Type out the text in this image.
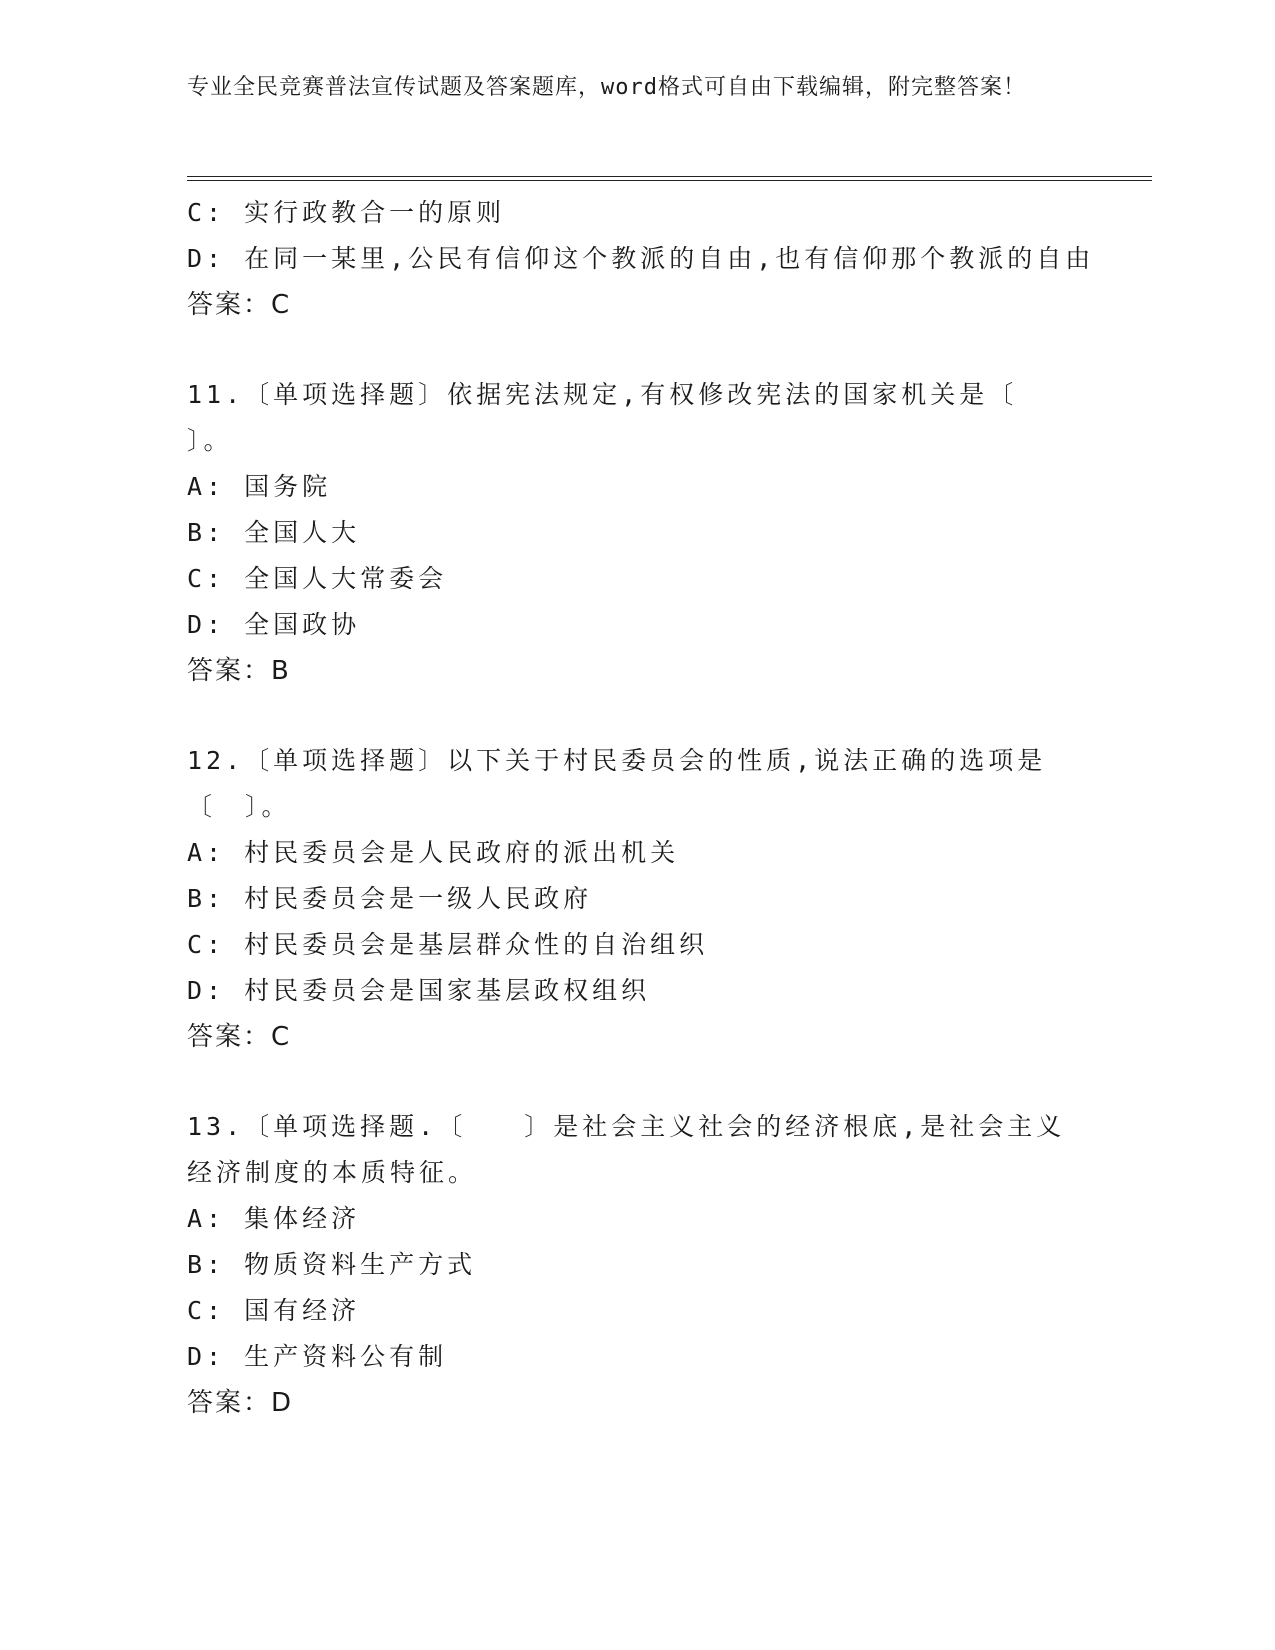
专业全民竞赛普法宣传试题及答案题库，word格式可自由下载编辑，附完整答案！
C: 实行政教合一的原则
D: 在同一某里,公民有信仰这个教派的自由,也有信仰那个教派的自由
答案：C
11.〔单项选择题〕依据宪法规定,有权修改宪法的国家机关是〔　　〕。
A: 国务院
B: 全国人大
C: 全国人大常委会
D: 全国政协
答案：B
12.〔单项选择题〕以下关于村民委员会的性质,说法正确的选项是〔　〕。
A: 村民委员会是人民政府的派出机关
B: 村民委员会是一级人民政府
C: 村民委员会是基层群众性的自治组织
D: 村民委员会是国家基层政权组织
答案：C
13.〔单项选择题.〔　　〕是社会主义社会的经济根底,是社会主义经济制度的本质特征。
A: 集体经济
B: 物质资料生产方式
C: 国有经济
D: 生产资料公有制
答案：D
